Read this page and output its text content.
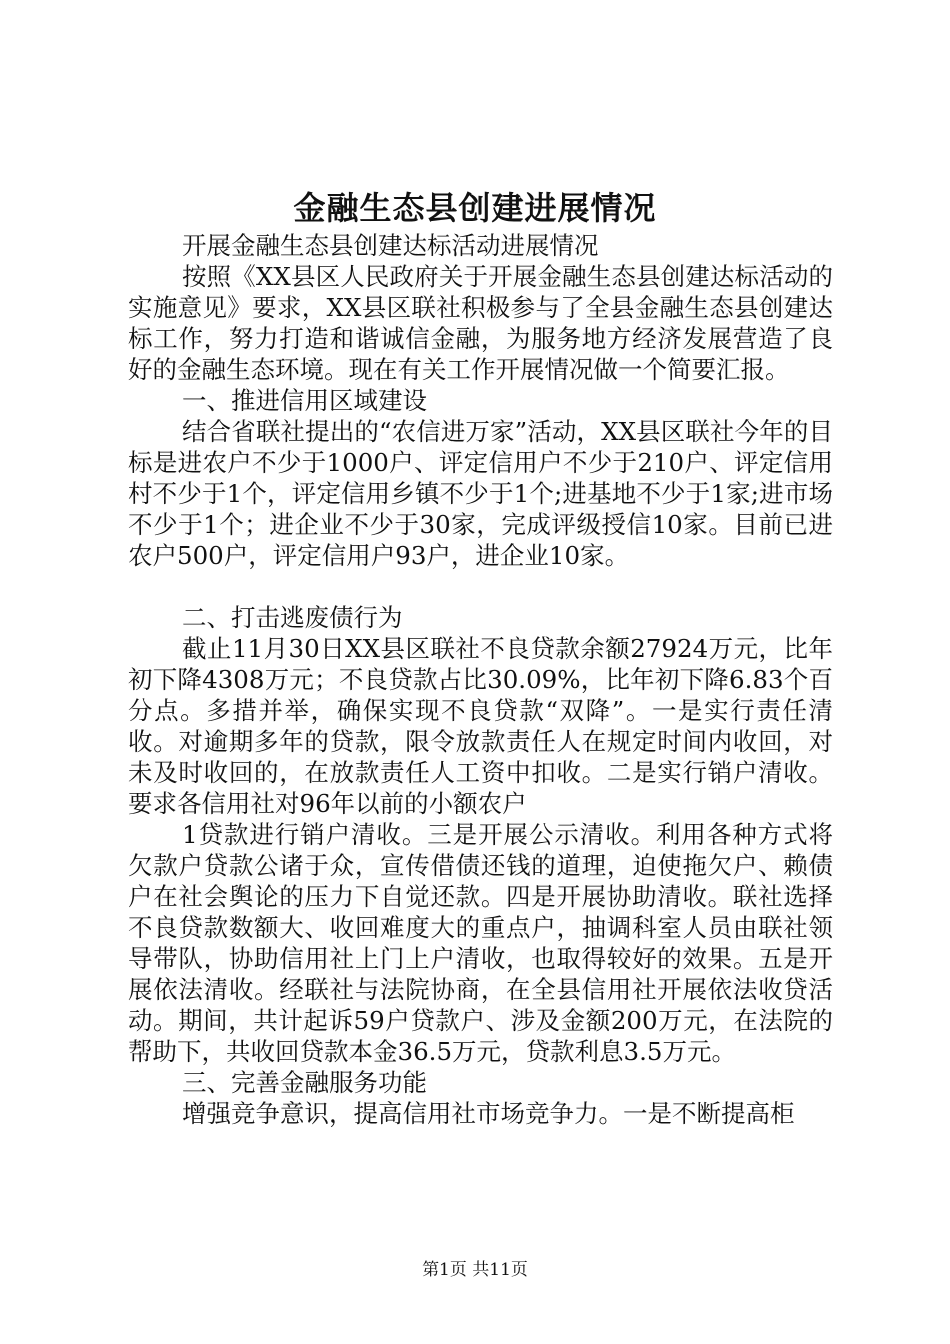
金融生态县创建进展情况

开展金融生态县创建达标活动进展情况

按照《XX县区人民政府关于开展金融生态县创建达标活动的实施意见》要求，XX县区联社积极参与了全县金融生态县创建达标工作，努力打造和谐诚信金融，为服务地方经济发展营造了良好的金融生态环境。现在有关工作开展情况做一个简要汇报。

一、推进信用区域建设

结合省联社提出的“农信进万家”活动，XX县区联社今年的目标是进农户不少于1000户、评定信用户不少于210户、评定信用村不少于1个，评定信用乡镇不少于1个;进基地不少于1家;进市场不少于1个；进企业不少于30家，完成评级授信10家。目前已进农户500户，评定信用户93户，进企业10家。

二、打击逃废债行为

截止11月30日XX县区联社不良贷款余额27924万元，比年初下降4308万元；不良贷款占比30.09%，比年初下降6.83个百分点。多措并举，确保实现不良贷款“双降”。一是实行责任清收。对逾期多年的贷款，限令放款责任人在规定时间内收回，对未及时收回的，在放款责任人工资中扣收。二是实行销户清收。要求各信用社对96年以前的小额农户

1贷款进行销户清收。三是开展公示清收。利用各种方式将欠款户贷款公诸于众，宣传借债还钱的道理，迫使拖欠户、赖债户在社会舆论的压力下自觉还款。四是开展协助清收。联社选择不良贷款数额大、收回难度大的重点户，抽调科室人员由联社领导带队，协助信用社上门上户清收，也取得较好的效果。五是开展依法清收。经联社与法院协商，在全县信用社开展依法收贷活动。期间，共计起诉59户贷款户、涉及金额200万元，在法院的帮助下，共收回贷款本金36.5万元，贷款利息3.5万元。

三、完善金融服务功能

增强竞争意识，提高信用社市场竞争力。一是不断提高柜

第1页 共11页
